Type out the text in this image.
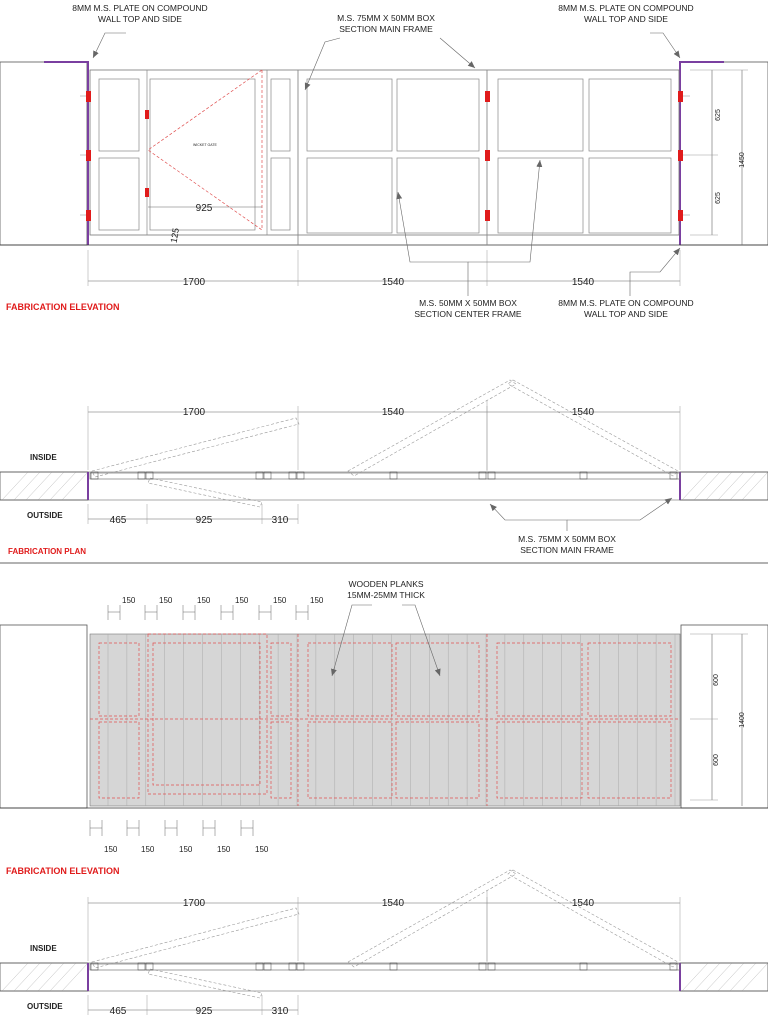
WICKET GATE
925
125
625
625
1450
1700	1540	1540
8MM M.S. PLATE ON COMPOUND
WALL TOP AND SIDE	M.S. 75MM X 50MM BOX
SECTION MAIN FRAME
8MM M.S. PLATE ON COMPOUND
WALL TOP AND SIDE
M.S. 50MM X 50MM BOX
SECTION CENTER FRAME
8MM M.S. PLATE ON COMPOUND
WALL TOP AND SIDE
FABRICATION ELEVATION
1700	1540	1540
465	925	310
M.S. 75MM X 50MM BOX
SECTION MAIN FRAME
INSIDE
OUTSIDE
FABRICATION PLAN
150	150	150	150	150	150
150	150	150	150	150
600
600
1400
WOODEN PLANKS
15MM-25MM THICK
FABRICATION ELEVATION
1700	1540	1540
465	925	310
INSIDE
OUTSIDE
